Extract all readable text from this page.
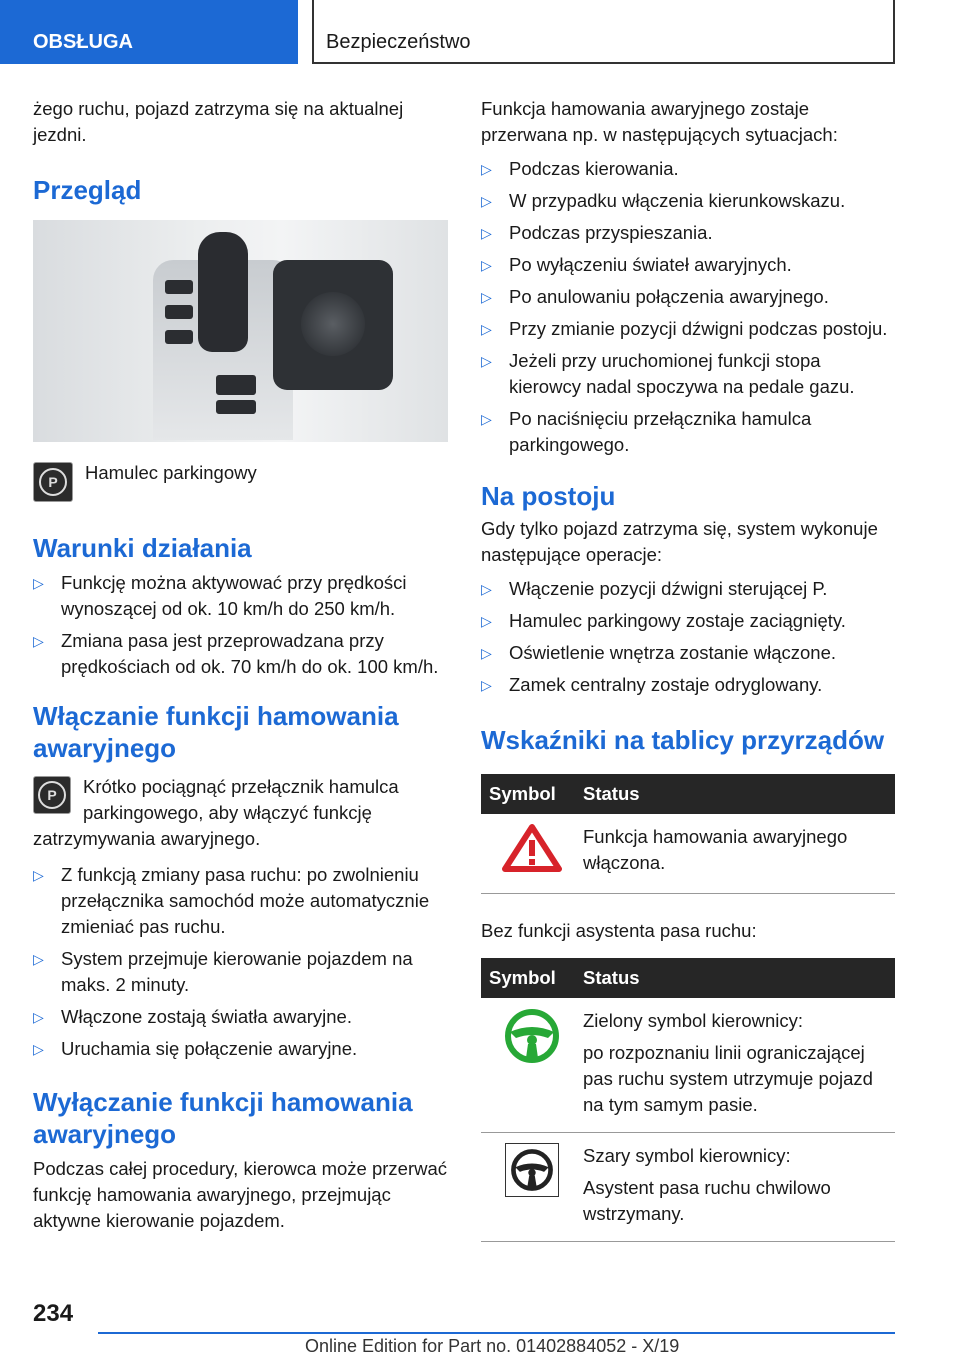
OBSŁUGA	Bezpieczeństwo

żego ruchu, pojazd zatrzyma się na aktualnej jezdni.

Przegląd
P	Hamulec parkingowy

Warunki działania
▷ Funkcję można aktywować przy prędkości wynoszącej od ok. 10 km/h do 250 km/h.
▷ Zmiana pasa jest przeprowadzana przy prędkościach od ok. 70 km/h do ok. 100 km/h.
Włączanie funkcji hamowania awaryjnego
P	Krótko pociągnąć przełącznik hamulca parkingowego, aby włączyć funkcję zatrzymywania awaryjnego.

▷ Z funkcją zmiany pasa ruchu: po zwolnieniu przełącznika samochód może automatycznie zmieniać pas ruchu.
▷ System przejmuje kierowanie pojazdem na maks. 2 minuty.
▷ Włączone zostają światła awaryjne.
▷ Uruchamia się połączenie awaryjne.
Wyłączanie funkcji hamowania awaryjnego

Podczas całej procedury, kierowca może przerwać funkcję hamowania awaryjnego, przejmując aktywne kierowanie pojazdem.

Funkcja hamowania awaryjnego zostaje przerwana np. w następujących sytuacjach:

▷ Podczas kierowania.
▷ W przypadku włączenia kierunkowskazu.
▷ Podczas przyspieszania.
▷ Po wyłączeniu świateł awaryjnych.
▷ Po anulowaniu połączenia awaryjnego.
▷ Przy zmianie pozycji dźwigni podczas postoju.
▷ Jeżeli przy uruchomionej funkcji stopa kierowcy nadal spoczywa na pedale gazu.
▷ Po naciśnięciu przełącznika hamulca parkingowego.
Na postoju

Gdy tylko pojazd zatrzyma się, system wykonuje następujące operacje:

▷ Włączenie pozycji dźwigni sterującej P.
▷ Hamulec parkingowy zostaje zaciągnięty.
▷ Oświetlenie wnętrza zostanie włączone.
▷ Zamek centralny zostaje odryglowany.
Wskaźniki na tablicy przyrządów
Symbol	Status
	Funkcja hamowania awaryjnego włączona.

Bez funkcji asystenta pasa ruchu:

Symbol	Status

Zielony symbol kierownicy:
po rozpoznaniu linii ograniczającej pas ruchu system utrzymuje pojazd na tym samym pasie.

Szary symbol kierownicy:
Asystent pasa ruchu chwilowo wstrzymany.
234
Online Edition for Part no. 01402884052 - X/19
